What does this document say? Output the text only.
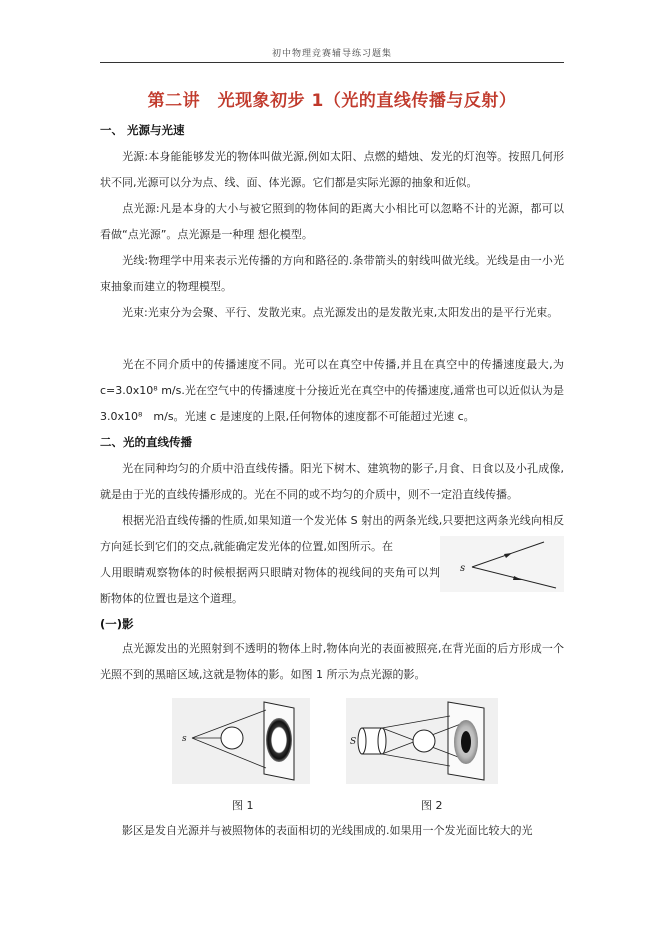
初中物理竞赛辅导练习题集
第二讲　光现象初步 1（光的直线传播与反射）
一、 光源与光速

光源:本身能能够发光的物体叫做光源,例如太阳、点燃的蜡烛、发光的灯泡等。按照几何形状不同,光源可以分为点、线、面、体光源。它们都是实际光源的抽象和近似。

点光源:凡是本身的大小与被它照到的物体间的距离大小相比可以忽略不计的光源，都可以看做“点光源”。点光源是一种理 想化模型。

光线:物理学中用来表示光传播的方向和路径的.条带箭头的射线叫做光线。光线是由一小光束抽象而建立的物理模型。

光束:光束分为会聚、平行、发散光束。点光源发出的是发散光束,太阳发出的是平行光束。

光在不同介质中的传播速度不同。光可以在真空中传播,并且在真空中的传播速度最大,为 c=3.0x10⁸ m/s.光在空气中的传播速度十分接近光在真空中的传播速度,通常也可以近似认为是 3.0x10⁸　m/s。光速 c 是速度的上限,任何物体的速度都不可能超过光速 c。

二、光的直线传播

光在同种均匀的介质中沿直线传播。阳光下树木、建筑物的影子,月食、日食以及小孔成像,就是由于光的直线传播形成的。光在不同的或不均匀的介质中，则不一定沿直线传播。

根据光沿直线传播的性质,如果知道一个发光体 S 射出的两条光线,只要把这两条光线向相反方向延长到它们的交点,就能确定发光体的位置,如图所示。在

人用眼睛观察物体的时候根据两只眼睛对物体的视线间的夹角可以判断物体的位置也是这个道理。

s
(一)影

点光源发出的光照射到不透明的物体上时,物体向光的表面被照亮,在背光面的后方形成一个光照不到的黑暗区域,这就是物体的影。如图 1 所示为点光源的影。

s	S
图 1	图 2

影区是发自光源并与被照物体的表面相切的光线围成的.如果用一个发光面比较大的光
